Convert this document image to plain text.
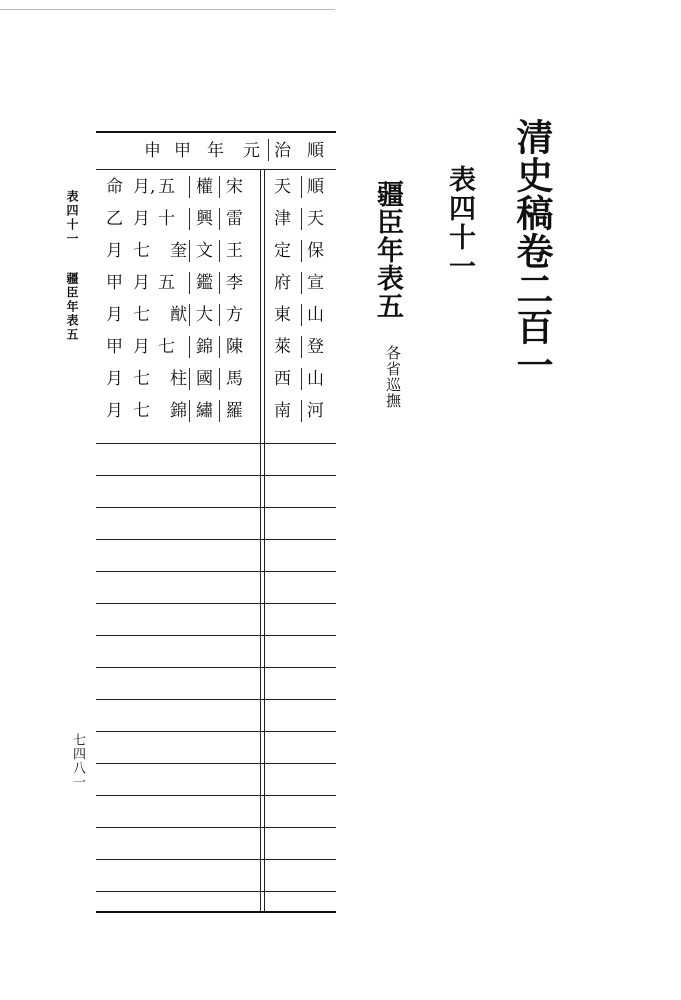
清史稿卷二百一
表四十一
疆臣年表五
各省巡撫
表四十一疆臣年表五
七四八一
順
治
元
年
甲
申
順
天
宋
權
五
月 ,
命
天
津
雷
興
十
月
乙
保
定
王
文
奎
七
月
宣
府
李
鑑
五
月
甲
山
東
方
大
猷
七
月
登
萊
陳
錦
七
月
甲
山
西
馬
國
柱
七
月
河
南
羅
繡
錦
七
月
